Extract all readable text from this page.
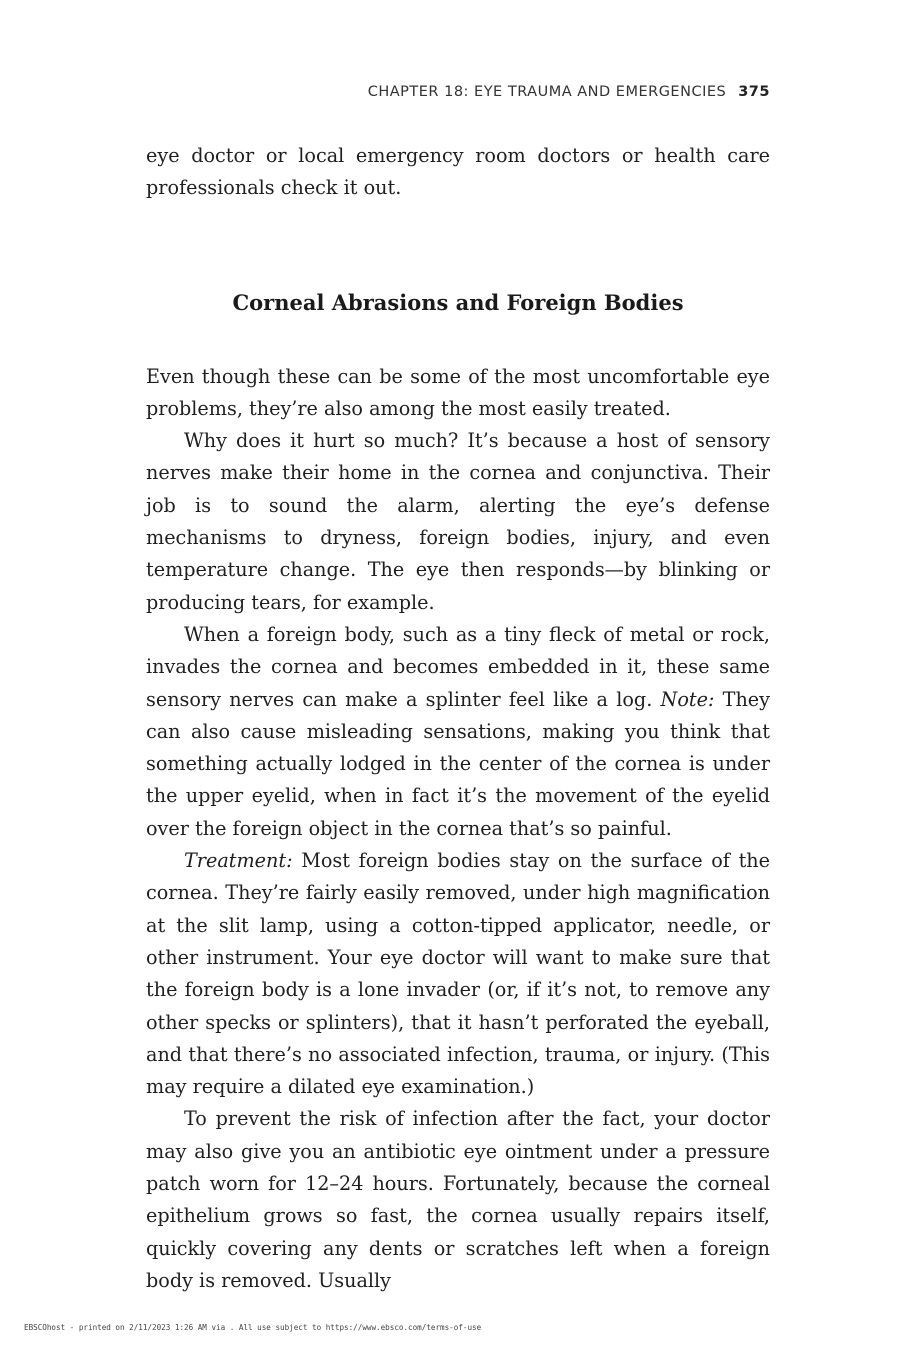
CHAPTER 18: EYE TRAUMA AND EMERGENCIES 375

eye doctor or local emergency room doctors or health care professionals check it out.

Corneal Abrasions and Foreign Bodies

Even though these can be some of the most uncomfortable eye problems, they’re also among the most easily treated.

Why does it hurt so much? It’s because a host of sensory nerves make their home in the cornea and conjunctiva. Their job is to sound the alarm, alerting the eye’s defense mechanisms to dryness, foreign bodies, injury, and even temperature change. The eye then responds—by blinking or producing tears, for example.

When a foreign body, such as a tiny fleck of metal or rock, invades the cornea and becomes embedded in it, these same sensory nerves can make a splinter feel like a log. Note: They can also cause misleading sensations, making you think that something actually lodged in the center of the cornea is under the upper eyelid, when in fact it’s the movement of the eyelid over the foreign object in the cornea that’s so painful.

Treatment: Most foreign bodies stay on the surface of the cornea. They’re fairly easily removed, under high magnification at the slit lamp, using a cotton-tipped applicator, needle, or other instrument. Your eye doctor will want to make sure that the foreign body is a lone invader (or, if it’s not, to remove any other specks or splinters), that it hasn’t perforated the eyeball, and that there’s no associated infection, trauma, or injury. (This may require a dilated eye examination.)

To prevent the risk of infection after the fact, your doctor may also give you an antibiotic eye ointment under a pressure patch worn for 12–24 hours. Fortunately, because the corneal epithelium grows so fast, the cornea usually repairs itself, quickly covering any dents or scratches left when a foreign body is removed. Usually

EBSCOhost - printed on 2/11/2023 1:26 AM via . All use subject to https://www.ebsco.com/terms-of-use
